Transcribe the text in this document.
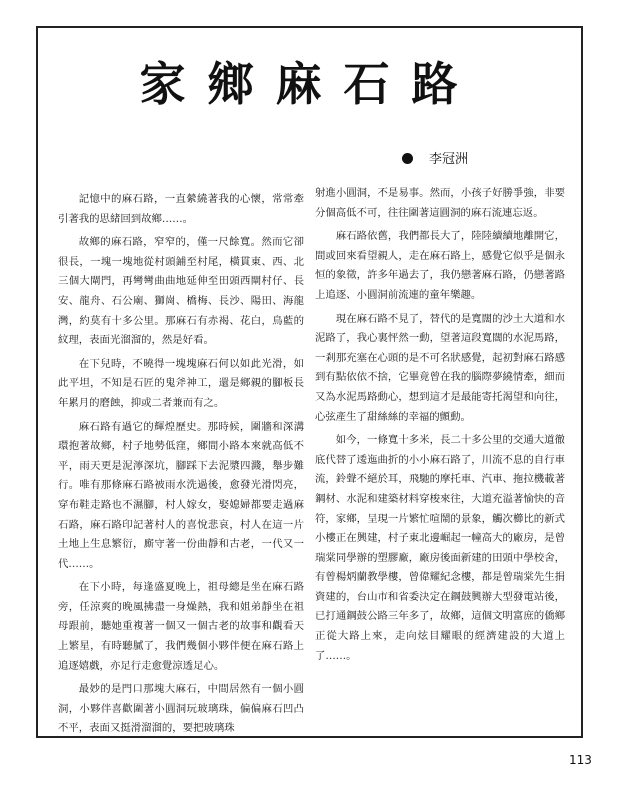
家鄉麻石路
李冠洲

記憶中的麻石路，一直縈繞著我的心懷，常常牽引著我的思緒回到故鄉……。

故鄉的麻石路，窄窄的，僅一尺餘寬。然而它卻很長，一塊一塊地從村頭鋪至村尾，橫貫東、西、北三個大閘門，再彎彎曲曲地延伸至田頭西閘村仔、長安、龍舟、石公廟、獅崗、橋梅、長沙、陽田、海龍灣，約莫有十多公里。那麻石有赤褐、花白，鳥藍的紋理，表面光溜溜的，然是好看。

在下兒時，不曉得一塊塊麻石何以如此光滑，如此平坦，不知是石匠的鬼斧神工，還是鄉親的腳板長年累月的磨蝕，抑或二者兼而有之。

麻石路有過它的輝煌歷史。那時候，圍牆和深溝環抱著故鄉，村子地勢低窪，鄉間小路本來就高低不平，雨天更是泥濘深坑，腳踩下去泥漿四濺，舉步難行。唯有那條麻石路被雨水洗過後，愈發光滑閃亮，穿布鞋走路也不濕腳，村人嫁女，娶媳婦都要走過麻石路，麻石路印記著村人的喜悅悲哀，村人在這一片土地上生息繁衍，廝守著一份曲靜和古老，一代又一代……。

在下小時，每逢盛夏晚上，祖母總是坐在麻石路旁，任涼爽的晚風拂盡一身燥熱，我和姐弟靜坐在祖母跟前，聽她重複著一個又一個古老的故事和觀看天上繁星，有時聽膩了，我們幾個小夥伴便在麻石路上追逐嬉戲，亦足行走愈覺涼透足心。

最妙的是門口那塊大麻石，中間居然有一個小圓洞，小夥伴喜歡圍著小圓洞玩玻璃珠，偏偏麻石凹凸不平，表面又挺滑溜溜的，要把玻璃珠

射進小圓洞，不是易事。然而，小孩子好勝爭強，非要分個高低不可，往往圍著這圓洞的麻石流連忘返。

麻石路依舊，我們都長大了，陸陸續續地離開它，間或回來看望親人，走在麻石路上，感覺它似乎是個永恒的象徵，許多年過去了，我仍戀著麻石路，仍戀著路上追逐、小圓洞前流連的童年樂趣。

現在麻石路不見了，替代的是寬闊的沙土大道和水泥路了，我心裏怦然一動，望著這段寬闊的水泥馬路，一剎那充塞在心頭的是不可名狀感覺，起初對麻石路感到有點依依不捨，它畢竟曾在我的腦際夢繞情牽，細而又為水泥馬路動心，想到這才是最能寄托渴望和向往，心弦產生了甜絲絲的幸福的顫動。

如今，一條寬十多米，長二十多公里的交通大道徹底代替了逶迤曲折的小小麻石路了，川流不息的自行車流，鈴聲不絕於耳，飛馳的摩托車、汽車、拖拉機載著鋼材、水泥和建築材料穿梭來往，大道充溢著愉快的音符，家鄉，呈現一片繁忙喧鬧的景象，觸次櫛比的新式小樓正在興建，村子東北邊崛起一幢高大的廠房，是曾瑞棠同學辦的塑膠廠，廠房後面新建的田頭中學校舍，有曾楊炳蘭教學樓，曾偉耀紀念樓，都是曾瑞棠先生捐資建的，台山市和省委決定在鋼鼓興辦大型發電站後，已打通鋼鼓公路三年多了，故鄉，這個文明富庶的僑鄉正從大路上來，走向炫目耀眼的經濟建設的大道上了……。

113
